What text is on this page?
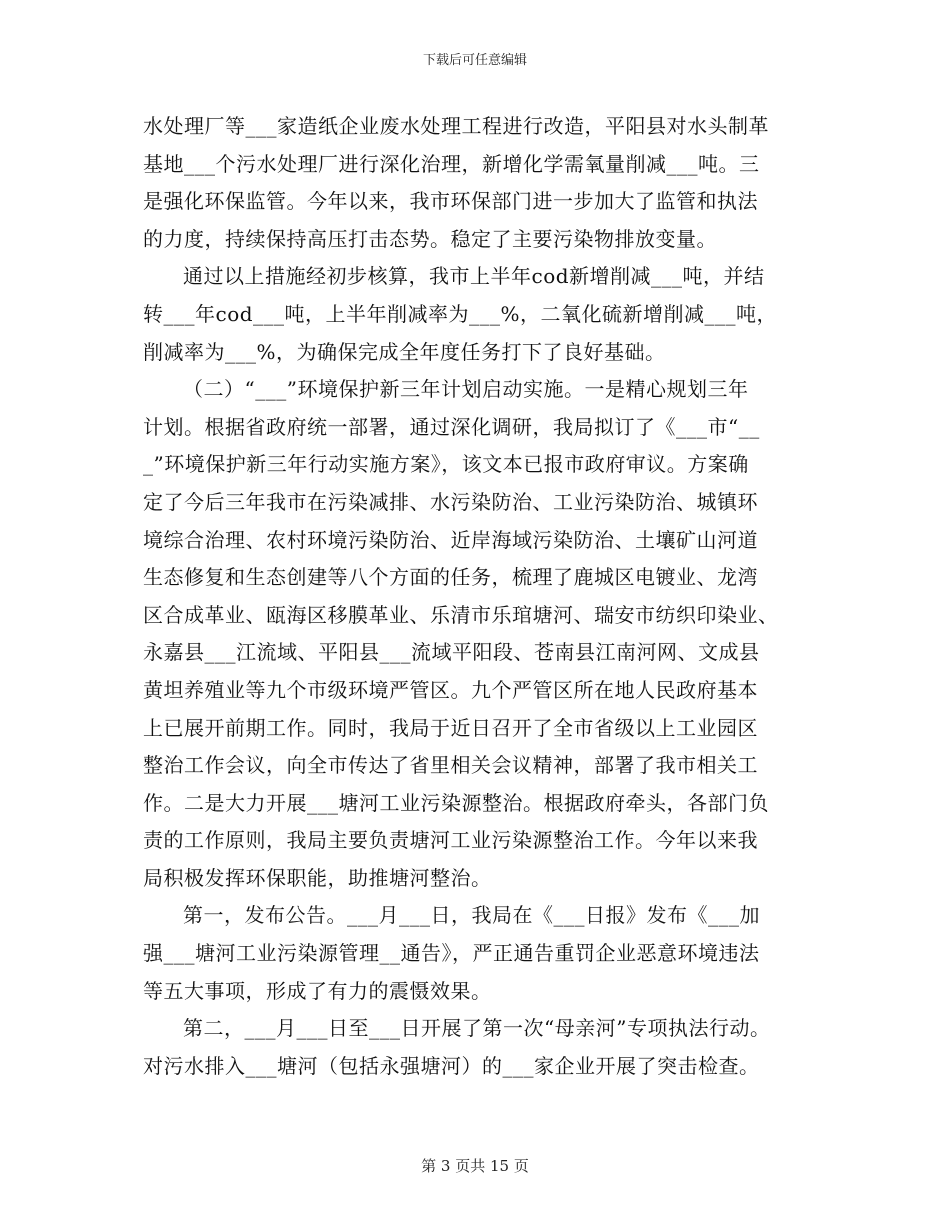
下载后可任意编辑
水处理厂等___家造纸企业废水处理工程进行改造，平阳县对水头制革
基地___个污水处理厂进行深化治理，新增化学需氧量削减___吨。三
是强化环保监管。今年以来，我市环保部门进一步加大了监管和执法
的力度，持续保持高压打击态势。稳定了主要污染物排放变量。
通过以上措施经初步核算，我市上半年cod新增削减___吨，并结
转___年cod___吨，上半年削减率为___%，二氧化硫新增削减___吨，
削减率为___%，为确保完成全年度任务打下了良好基础。
（二）“___”环境保护新三年计划启动实施。一是精心规划三年
计划。根据省政府统一部署，通过深化调研，我局拟订了《___市“__
_”环境保护新三年行动实施方案》，该文本已报市政府审议。方案确
定了今后三年我市在污染减排、水污染防治、工业污染防治、城镇环
境综合治理、农村环境污染防治、近岸海域污染防治、土壤矿山河道
生态修复和生态创建等八个方面的任务，梳理了鹿城区电镀业、龙湾
区合成革业、瓯海区移膜革业、乐清市乐琯塘河、瑞安市纺织印染业、
永嘉县___江流域、平阳县___流域平阳段、苍南县江南河网、文成县
黄坦养殖业等九个市级环境严管区。九个严管区所在地人民政府基本
上已展开前期工作。同时，我局于近日召开了全市省级以上工业园区
整治工作会议，向全市传达了省里相关会议精神，部署了我市相关工
作。二是大力开展___塘河工业污染源整治。根据政府牵头，各部门负
责的工作原则，我局主要负责塘河工业污染源整治工作。今年以来我
局积极发挥环保职能，助推塘河整治。
第一，发布公告。___月___日，我局在《___日报》发布《___加
强___塘河工业污染源管理__通告》，严正通告重罚企业恶意环境违法
等五大事项，形成了有力的震慑效果。
第二，___月___日至___日开展了第一次“母亲河”专项执法行动。
对污水排入___塘河（包括永强塘河）的___家企业开展了突击检查。
第 3 页共 15 页
